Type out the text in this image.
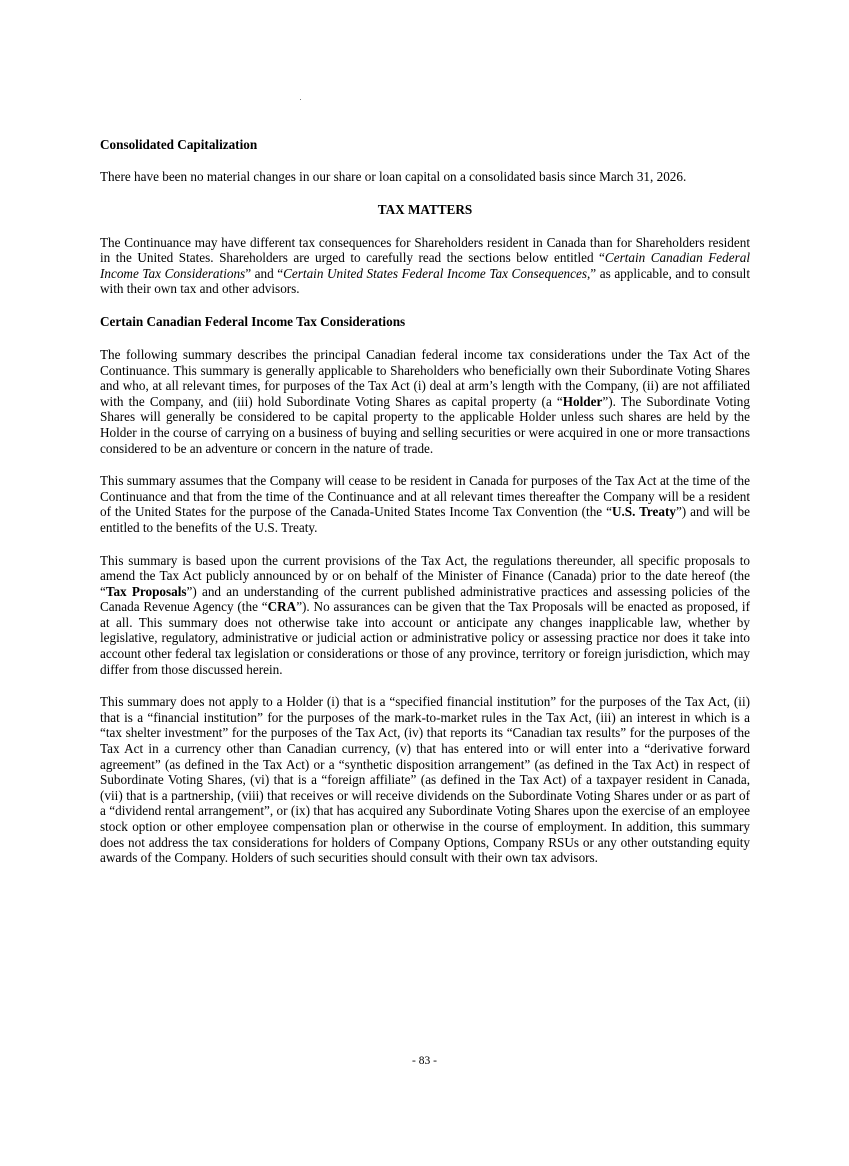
Consolidated Capitalization

There have been no material changes in our share or loan capital on a consolidated basis since March 31, 2026.

TAX MATTERS

The Continuance may have different tax consequences for Shareholders resident in Canada than for Shareholders resident in the United States. Shareholders are urged to carefully read the sections below entitled “Certain Canadian Federal Income Tax Considerations” and “Certain United States Federal Income Tax Consequences,” as applicable, and to consult with their own tax and other advisors.

Certain Canadian Federal Income Tax Considerations

The following summary describes the principal Canadian federal income tax considerations under the Tax Act of the Continuance. This summary is generally applicable to Shareholders who beneficially own their Subordinate Voting Shares and who, at all relevant times, for purposes of the Tax Act (i) deal at arm’s length with the Company, (ii) are not affiliated with the Company, and (iii) hold Subordinate Voting Shares as capital property (a “Holder”). The Subordinate Voting Shares will generally be considered to be capital property to the applicable Holder unless such shares are held by the Holder in the course of carrying on a business of buying and selling securities or were acquired in one or more transactions considered to be an adventure or concern in the nature of trade.

This summary assumes that the Company will cease to be resident in Canada for purposes of the Tax Act at the time of the Continuance and that from the time of the Continuance and at all relevant times thereafter the Company will be a resident of the United States for the purpose of the Canada-United States Income Tax Convention (the “U.S. Treaty”) and will be entitled to the benefits of the U.S. Treaty.

This summary is based upon the current provisions of the Tax Act, the regulations thereunder, all specific proposals to amend the Tax Act publicly announced by or on behalf of the Minister of Finance (Canada) prior to the date hereof (the “Tax Proposals”) and an understanding of the current published administrative practices and assessing policies of the Canada Revenue Agency (the “CRA”). No assurances can be given that the Tax Proposals will be enacted as proposed, if at all. This summary does not otherwise take into account or anticipate any changes inapplicable law, whether by legislative, regulatory, administrative or judicial action or administrative policy or assessing practice nor does it take into account other federal tax legislation or considerations or those of any province, territory or foreign jurisdiction, which may differ from those discussed herein.

This summary does not apply to a Holder (i) that is a “specified financial institution” for the purposes of the Tax Act, (ii) that is a “financial institution” for the purposes of the mark-to-market rules in the Tax Act, (iii) an interest in which is a “tax shelter investment” for the purposes of the Tax Act, (iv) that reports its “Canadian tax results” for the purposes of the Tax Act in a currency other than Canadian currency, (v) that has entered into or will enter into a “derivative forward agreement” (as defined in the Tax Act) or a “synthetic disposition arrangement” (as defined in the Tax Act) in respect of Subordinate Voting Shares, (vi) that is a “foreign affiliate” (as defined in the Tax Act) of a taxpayer resident in Canada, (vii) that is a partnership, (viii) that receives or will receive dividends on the Subordinate Voting Shares under or as part of a “dividend rental arrangement”, or (ix) that has acquired any Subordinate Voting Shares upon the exercise of an employee stock option or other employee compensation plan or otherwise in the course of employment. In addition, this summary does not address the tax considerations for holders of Company Options, Company RSUs or any other outstanding equity awards of the Company. Holders of such securities should consult with their own tax advisors.

- 83 -
